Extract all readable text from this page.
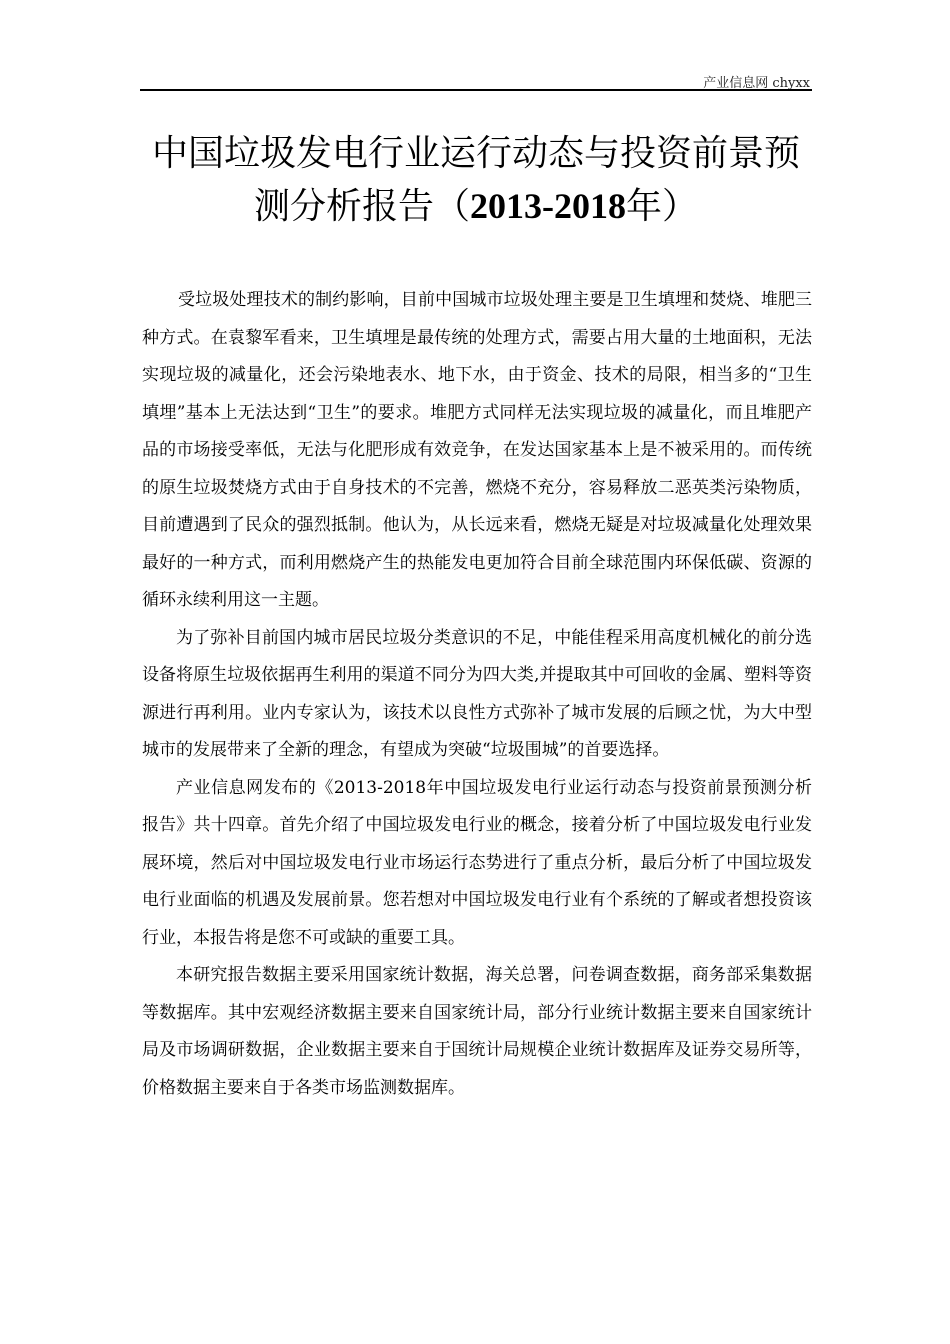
产业信息网 chyxx
中国垃圾发电行业运行动态与投资前景预
测分析报告（2013-2018年）

受垃圾处理技术的制约影响，目前中国城市垃圾处理主要是卫生填埋和焚烧、堆肥三种方式。在袁黎军看来，卫生填埋是最传统的处理方式，需要占用大量的土地面积，无法实现垃圾的减量化，还会污染地表水、地下水，由于资金、技术的局限，相当多的“卫生填埋”基本上无法达到“卫生”的要求。堆肥方式同样无法实现垃圾的减量化，而且堆肥产品的市场接受率低，无法与化肥形成有效竞争，在发达国家基本上是不被采用的。而传统的原生垃圾焚烧方式由于自身技术的不完善，燃烧不充分，容易释放二恶英类污染物质，目前遭遇到了民众的强烈抵制。他认为，从长远来看，燃烧无疑是对垃圾减量化处理效果最好的一种方式，而利用燃烧产生的热能发电更加符合目前全球范围内环保低碳、资源的循环永续利用这一主题。

为了弥补目前国内城市居民垃圾分类意识的不足，中能佳程采用高度机械化的前分选设备将原生垃圾依据再生利用的渠道不同分为四大类,并提取其中可回收的金属、塑料等资源进行再利用。业内专家认为，该技术以良性方式弥补了城市发展的后顾之忧，为大中型城市的发展带来了全新的理念，有望成为突破“垃圾围城”的首要选择。

产业信息网发布的《2013-2018年中国垃圾发电行业运行动态与投资前景预测分析报告》共十四章。首先介绍了中国垃圾发电行业的概念，接着分析了中国垃圾发电行业发展环境，然后对中国垃圾发电行业市场运行态势进行了重点分析，最后分析了中国垃圾发电行业面临的机遇及发展前景。您若想对中国垃圾发电行业有个系统的了解或者想投资该行业，本报告将是您不可或缺的重要工具。

本研究报告数据主要采用国家统计数据，海关总署，问卷调查数据，商务部采集数据等数据库。其中宏观经济数据主要来自国家统计局，部分行业统计数据主要来自国家统计局及市场调研数据，企业数据主要来自于国统计局规模企业统计数据库及证券交易所等，价格数据主要来自于各类市场监测数据库。
